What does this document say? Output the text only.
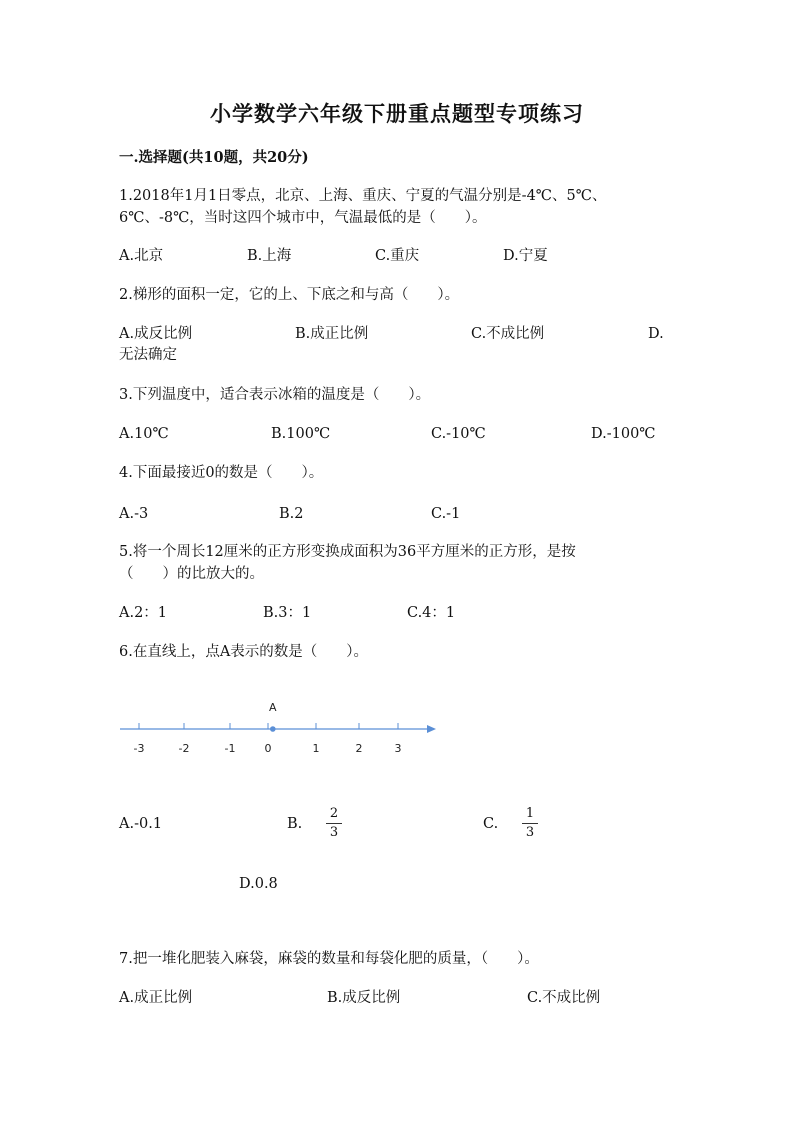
小学数学六年级下册重点题型专项练习
一.选择题(共10题，共20分)
1.2018年1月1日零点，北京、上海、重庆、宁夏的气温分别是-4℃、5℃、
6℃、-8℃，当时这四个城市中，气温最低的是（　　）。
A.北京	B.上海	C.重庆	D.宁夏
2.梯形的面积一定，它的上、下底之和与高（　　）。
A.成反比例	B.成正比例	C.不成比例	D.
无法确定
3.下列温度中，适合表示冰箱的温度是（　　）。
A.10℃	B.100℃	C.-10℃	D.-100℃
4.下面最接近0的数是（　　）。
A.-3	B.2	C.-1
5.将一个周长12厘米的正方形变换成面积为36平方厘米的正方形，是按
（　　）的比放大的。
A.2：1	B.3：1	C.4：1
6.在直线上，点A表示的数是（　　）。
-3	-2	-1	0	1	2	3
A
A.-0.1	B.
2
3
C.
1
3
D.0.8
7.把一堆化肥装入麻袋，麻袋的数量和每袋化肥的质量，（　　）。
A.成正比例	B.成反比例	C.不成比例
